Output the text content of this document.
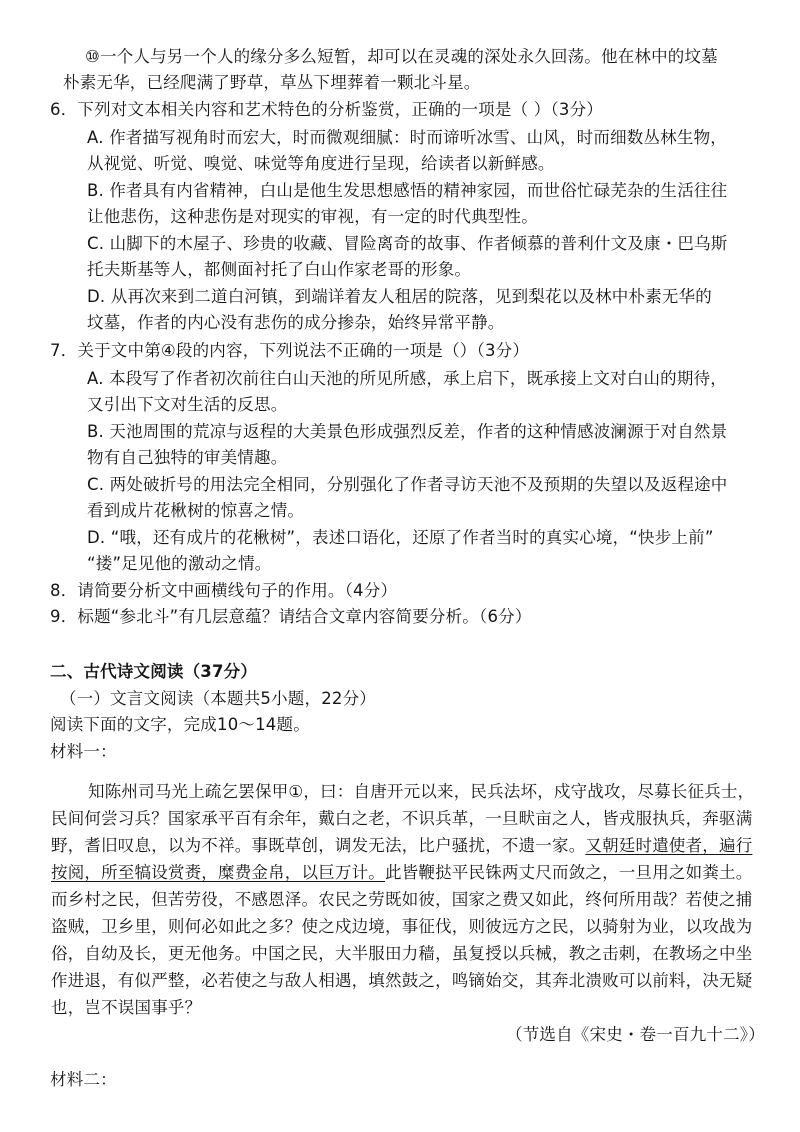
⑩一个人与另一个人的缘分多么短暂，却可以在灵魂的深处永久回荡。他在林中的坟墓
朴素无华，已经爬满了野草，草丛下埋葬着一颗北斗星。
6．下列对文本相关内容和艺术特色的分析鉴赏，正确的一项是（ ）（3分）
A. 作者描写视角时而宏大，时而微观细腻：时而谛听冰雪、山风，时而细数丛林生物，
从视觉、听觉、嗅觉、味觉等角度进行呈现，给读者以新鲜感。
B. 作者具有内省精神，白山是他生发思想感悟的精神家园，而世俗忙碌芜杂的生活往往
让他悲伤，这种悲伤是对现实的审视，有一定的时代典型性。
C. 山脚下的木屋子、珍贵的收藏、冒险离奇的故事、作者倾慕的普利什文及康・巴乌斯
托夫斯基等人，都侧面衬托了白山作家老哥的形象。
D. 从再次来到二道白河镇，到端详着友人租居的院落，见到梨花以及林中朴素无华的
坟墓，作者的内心没有悲伤的成分掺杂，始终异常平静。
7．关于文中第④段的内容，下列说法不正确的一项是（）（3分）
A. 本段写了作者初次前往白山天池的所见所感，承上启下，既承接上文对白山的期待，
又引出下文对生活的反思。
B. 天池周围的荒凉与返程的大美景色形成强烈反差，作者的这种情感波澜源于对自然景
物有自己独特的审美情趣。
C. 两处破折号的用法完全相同，分别强化了作者寻访天池不及预期的失望以及返程途中
看到成片花楸树的惊喜之情。
D. “哦，还有成片的花楸树”，表述口语化，还原了作者当时的真实心境，“快步上前”
“搂”足见他的激动之情。
8．请简要分析文中画横线句子的作用。（4分）
9．标题“参北斗”有几层意蕴？请结合文章内容简要分析。（6分）
二、古代诗文阅读（37分）
（一）文言文阅读（本题共5小题，22分）
阅读下面的文字，完成10～14题。
材料一：
知陈州司马光上疏乞罢保甲①，曰：自唐开元以来，民兵法坏，戍守战攻，尽募长征兵士，
民间何尝习兵？国家承平百有余年，戴白之老，不识兵革，一旦畎亩之人，皆戎服执兵，奔驱满
野，耆旧叹息，以为不祥。事既草创，调发无法，比户骚扰，不遗一家。又朝廷时遣使者，遍行
按阅，所至犒设赏赉，糜费金帛，以巨万计。此皆鞭挞平民铢两丈尺而敛之，一旦用之如粪土。
而乡村之民，但苦劳役，不感恩泽。农民之劳既如彼，国家之费又如此，终何所用哉？若使之捕
盗贼，卫乡里，则何必如此之多？使之戍边境，事征伐，则彼远方之民，以骑射为业，以攻战为
俗，自幼及长，更无他务。中国之民，大半服田力穑，虽复授以兵械，教之击刺，在教场之中坐
作进退，有似严整，必若使之与敌人相遇，填然鼓之，鸣镝始交，其奔北溃败可以前料，决无疑
也，岂不误国事乎？
（节选自《宋史・卷一百九十二》）
材料二：
